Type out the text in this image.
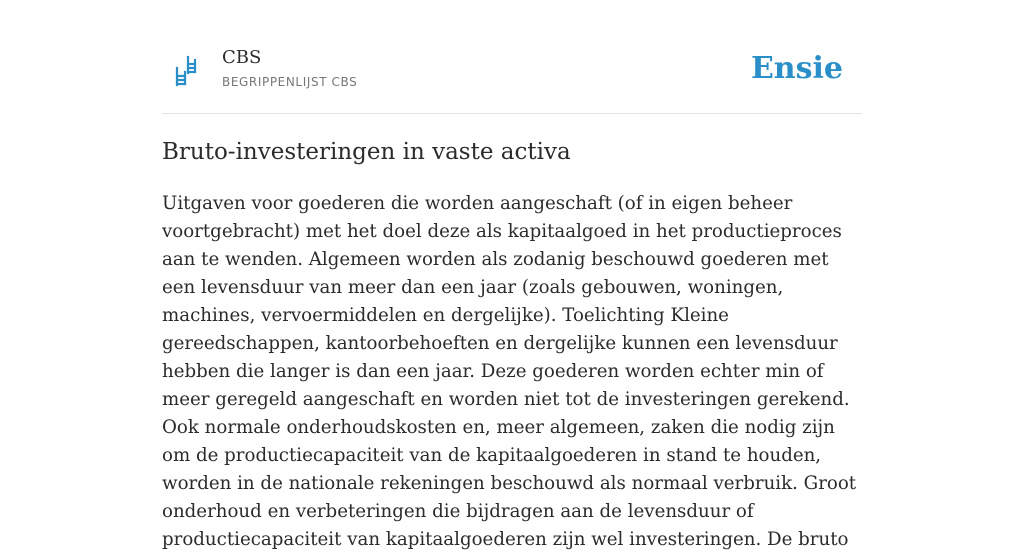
CBS
BEGRIPPENLIJST CBS	Ensie
Bruto-investeringen in vaste activa

Uitgaven voor goederen die worden aangeschaft (of in eigen beheer voortgebracht) met het doel deze als kapitaalgoed in het productieproces aan te wenden. Algemeen worden als zodanig beschouwd goederen met een levensduur van meer dan een jaar (zoals gebouwen, woningen, machines, vervoermiddelen en dergelijke). Toelichting Kleine gereedschappen, kantoorbehoeften en dergelijke kunnen een levensduur hebben die langer is dan een jaar. Deze goederen worden echter min of meer geregeld aangeschaft en worden niet tot de investeringen gerekend. Ook normale onderhoudskosten en, meer algemeen, zaken die nodig zijn om de productiecapaciteit van de kapitaalgoederen in stand te houden, worden in de nationale rekeningen beschouwd als normaal verbruik. Groot onderhoud en verbeteringen die bijdragen aan de levensduur of productiecapaciteit van kapitaalgoederen zijn wel investeringen. De bruto
